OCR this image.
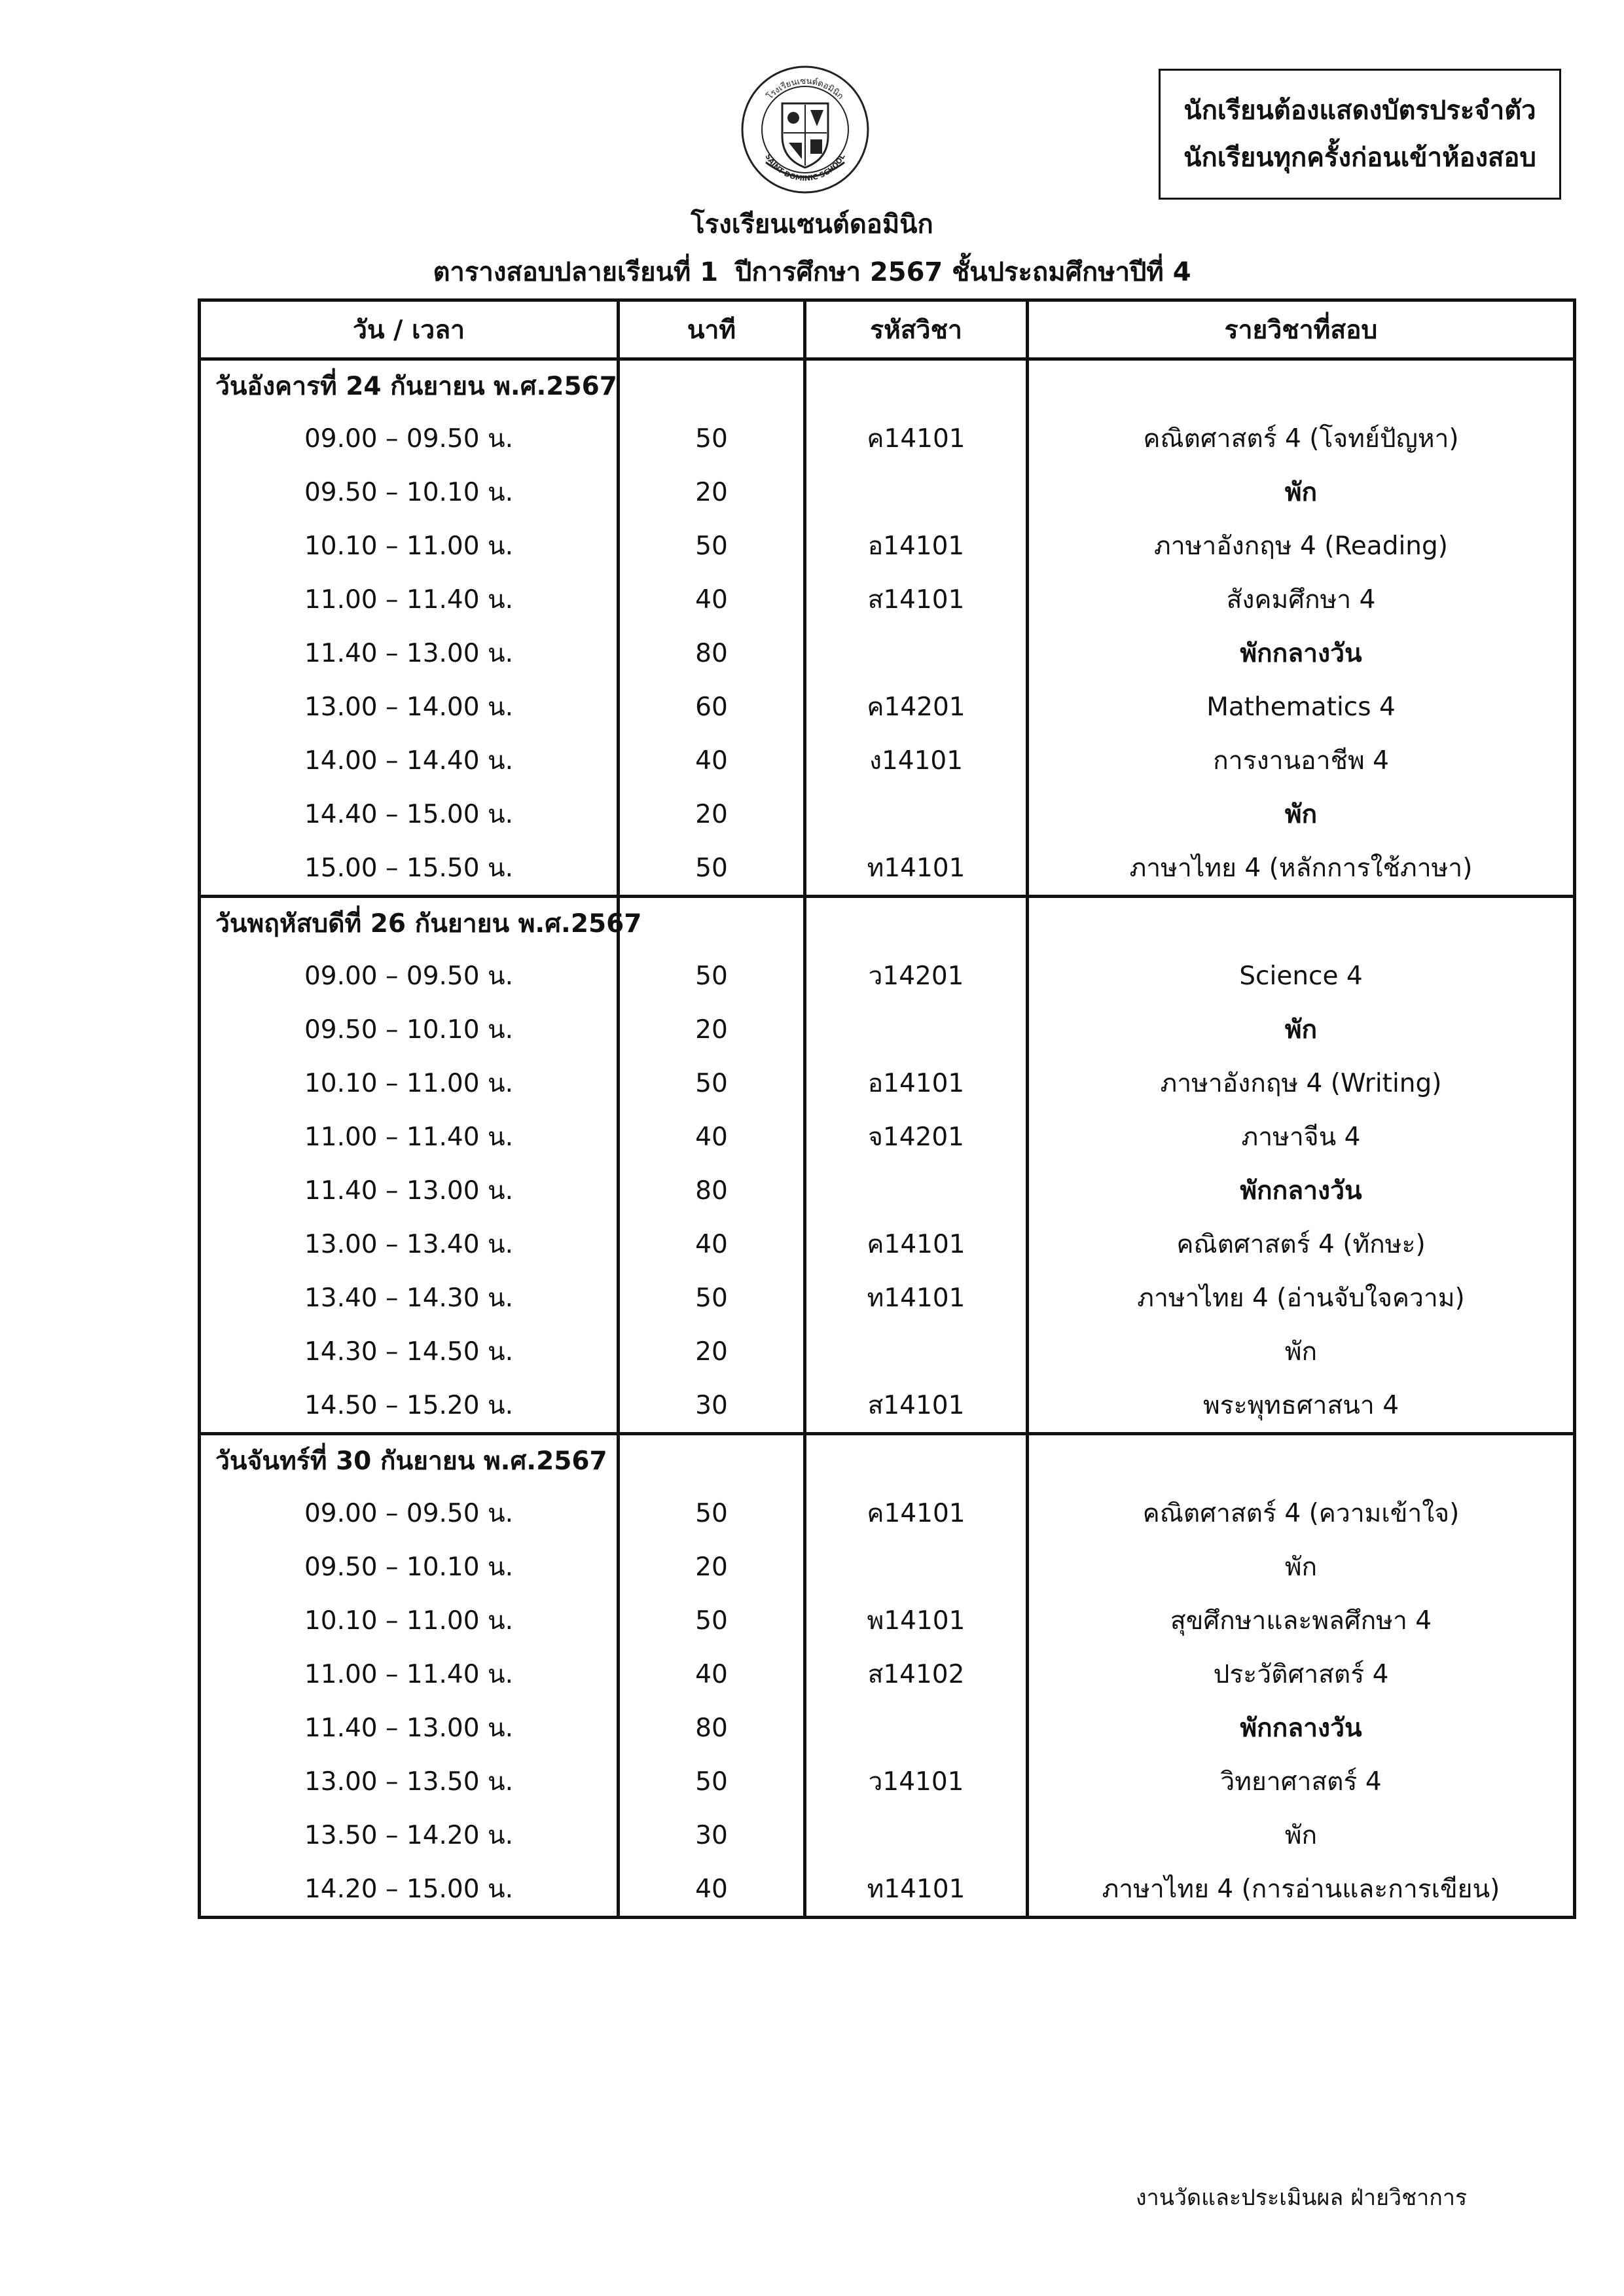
โรงเรียนเซนต์ดอมินิก
SAINT DOMINIC SCHOOL
นักเรียนต้องแสดงบัตรประจำตัว
นักเรียนทุกครั้งก่อนเข้าห้องสอบ
โรงเรียนเซนต์ดอมินิก
ตารางสอบปลายเรียนที่ 1 ปีการศึกษา 2567 ชั้นประถมศึกษาปีที่ 4
วัน / เวลา	นาที	รหัสวิชา	รายวิชาที่สอบ
วันอังคารที่ 24 กันยายน พ.ศ.2567			
09.00 – 09.50 น.	50	ค14101	คณิตศาสตร์ 4 (โจทย์ปัญหา)
09.50 – 10.10 น.	20		พัก
10.10 – 11.00 น.	50	อ14101	ภาษาอังกฤษ 4 (Reading)
11.00 – 11.40 น.	40	ส14101	สังคมศึกษา 4
11.40 – 13.00 น.	80		พักกลางวัน
13.00 – 14.00 น.	60	ค14201	Mathematics 4
14.00 – 14.40 น.	40	ง14101	การงานอาชีพ 4
14.40 – 15.00 น.	20		พัก
15.00 – 15.50 น.	50	ท14101	ภาษาไทย 4 (หลักการใช้ภาษา)
วันพฤหัสบดีที่ 26 กันยายน พ.ศ.2567			
09.00 – 09.50 น.	50	ว14201	Science 4
09.50 – 10.10 น.	20		พัก
10.10 – 11.00 น.	50	อ14101	ภาษาอังกฤษ 4 (Writing)
11.00 – 11.40 น.	40	จ14201	ภาษาจีน 4
11.40 – 13.00 น.	80		พักกลางวัน
13.00 – 13.40 น.	40	ค14101	คณิตศาสตร์ 4 (ทักษะ)
13.40 – 14.30 น.	50	ท14101	ภาษาไทย 4 (อ่านจับใจความ)
14.30 – 14.50 น.	20		พัก
14.50 – 15.20 น.	30	ส14101	พระพุทธศาสนา 4
วันจันทร์ที่ 30 กันยายน พ.ศ.2567			
09.00 – 09.50 น.	50	ค14101	คณิตศาสตร์ 4 (ความเข้าใจ)
09.50 – 10.10 น.	20		พัก
10.10 – 11.00 น.	50	พ14101	สุขศึกษาและพลศึกษา 4
11.00 – 11.40 น.	40	ส14102	ประวัติศาสตร์ 4
11.40 – 13.00 น.	80		พักกลางวัน
13.00 – 13.50 น.	50	ว14101	วิทยาศาสตร์ 4
13.50 – 14.20 น.	30		พัก
14.20 – 15.00 น.	40	ท14101	ภาษาไทย 4 (การอ่านและการเขียน)
งานวัดและประเมินผล ฝ่ายวิชาการ
